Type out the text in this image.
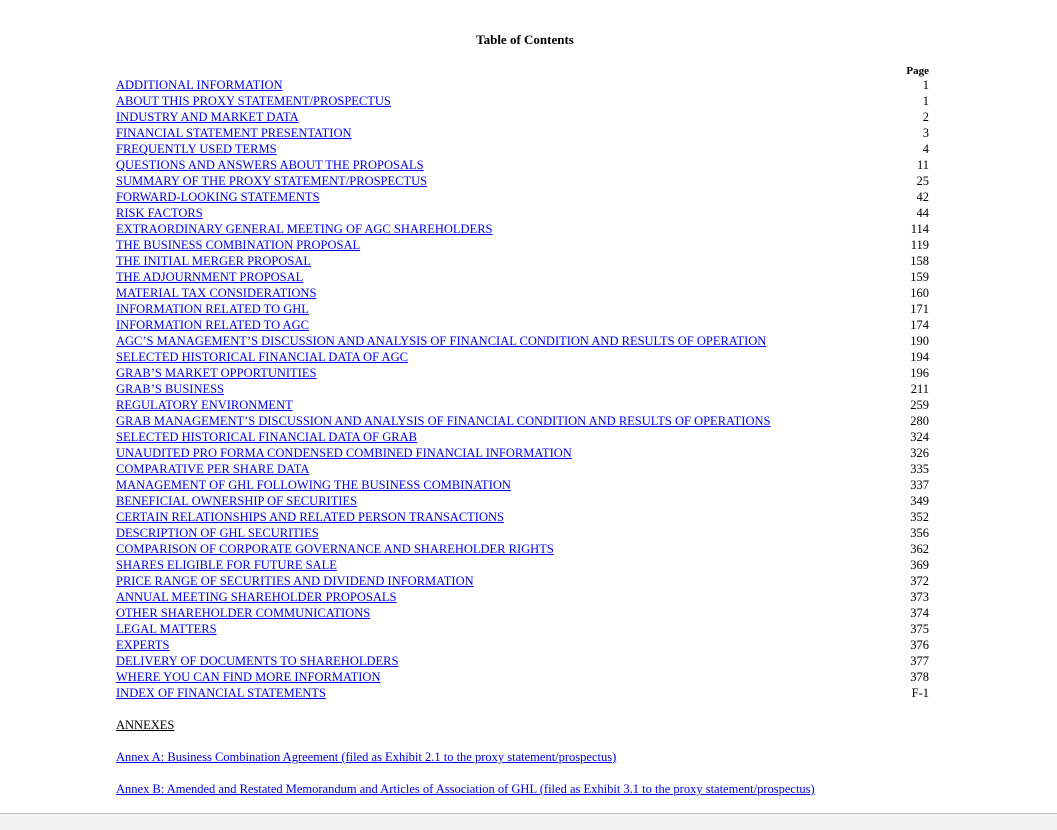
Table of Contents
Page
ADDITIONAL INFORMATION	1
ABOUT THIS PROXY STATEMENT/PROSPECTUS	1
INDUSTRY AND MARKET DATA	2
FINANCIAL STATEMENT PRESENTATION	3
FREQUENTLY USED TERMS	4
QUESTIONS AND ANSWERS ABOUT THE PROPOSALS	11
SUMMARY OF THE PROXY STATEMENT/PROSPECTUS	25
FORWARD-LOOKING STATEMENTS	42
RISK FACTORS	44
EXTRAORDINARY GENERAL MEETING OF AGC SHAREHOLDERS	114
THE BUSINESS COMBINATION PROPOSAL	119
THE INITIAL MERGER PROPOSAL	158
THE ADJOURNMENT PROPOSAL	159
MATERIAL TAX CONSIDERATIONS	160
INFORMATION RELATED TO GHL	171
INFORMATION RELATED TO AGC	174
AGC’S MANAGEMENT’S DISCUSSION AND ANALYSIS OF FINANCIAL CONDITION AND RESULTS OF OPERATION	190
SELECTED HISTORICAL FINANCIAL DATA OF AGC	194
GRAB’S MARKET OPPORTUNITIES	196
GRAB’S BUSINESS	211
REGULATORY ENVIRONMENT	259
GRAB MANAGEMENT’S DISCUSSION AND ANALYSIS OF FINANCIAL CONDITION AND RESULTS OF OPERATIONS	280
SELECTED HISTORICAL FINANCIAL DATA OF GRAB	324
UNAUDITED PRO FORMA CONDENSED COMBINED FINANCIAL INFORMATION	326
COMPARATIVE PER SHARE DATA	335
MANAGEMENT OF GHL FOLLOWING THE BUSINESS COMBINATION	337
BENEFICIAL OWNERSHIP OF SECURITIES	349
CERTAIN RELATIONSHIPS AND RELATED PERSON TRANSACTIONS	352
DESCRIPTION OF GHL SECURITIES	356
COMPARISON OF CORPORATE GOVERNANCE AND SHAREHOLDER RIGHTS	362
SHARES ELIGIBLE FOR FUTURE SALE	369
PRICE RANGE OF SECURITIES AND DIVIDEND INFORMATION	372
ANNUAL MEETING SHAREHOLDER PROPOSALS	373
OTHER SHAREHOLDER COMMUNICATIONS	374
LEGAL MATTERS	375
EXPERTS	376
DELIVERY OF DOCUMENTS TO SHAREHOLDERS	377
WHERE YOU CAN FIND MORE INFORMATION	378
INDEX OF FINANCIAL STATEMENTS	F-1
ANNEXES
Annex A: Business Combination Agreement (filed as Exhibit 2.1 to the proxy statement/prospectus)
Annex B: Amended and Restated Memorandum and Articles of Association of GHL (filed as Exhibit 3.1 to the proxy statement/prospectus)
